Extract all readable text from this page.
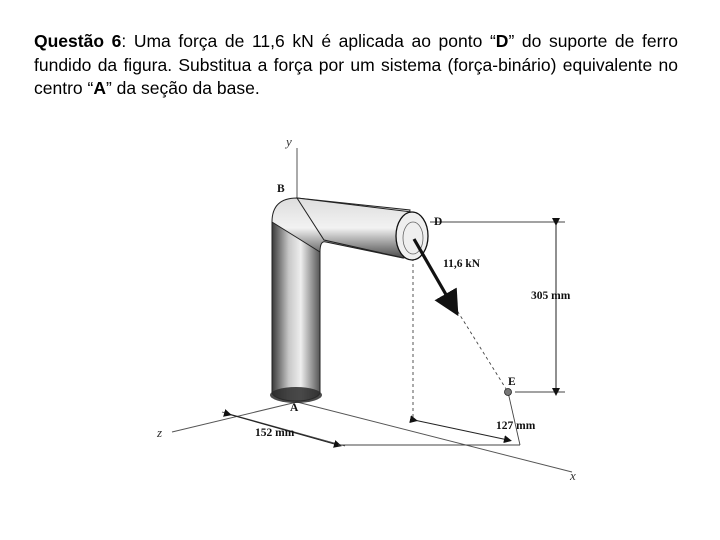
Questão 6: Uma força de 11,6 kN é aplicada ao ponto “D” do suporte de ferro fundido da figura. Substitua a força por um sistema (força-binário) equivalente no centro “A” da seção da base.

y
x
z
B
D
A
E
11,6 kN
305 mm
152 mm
127 mm
